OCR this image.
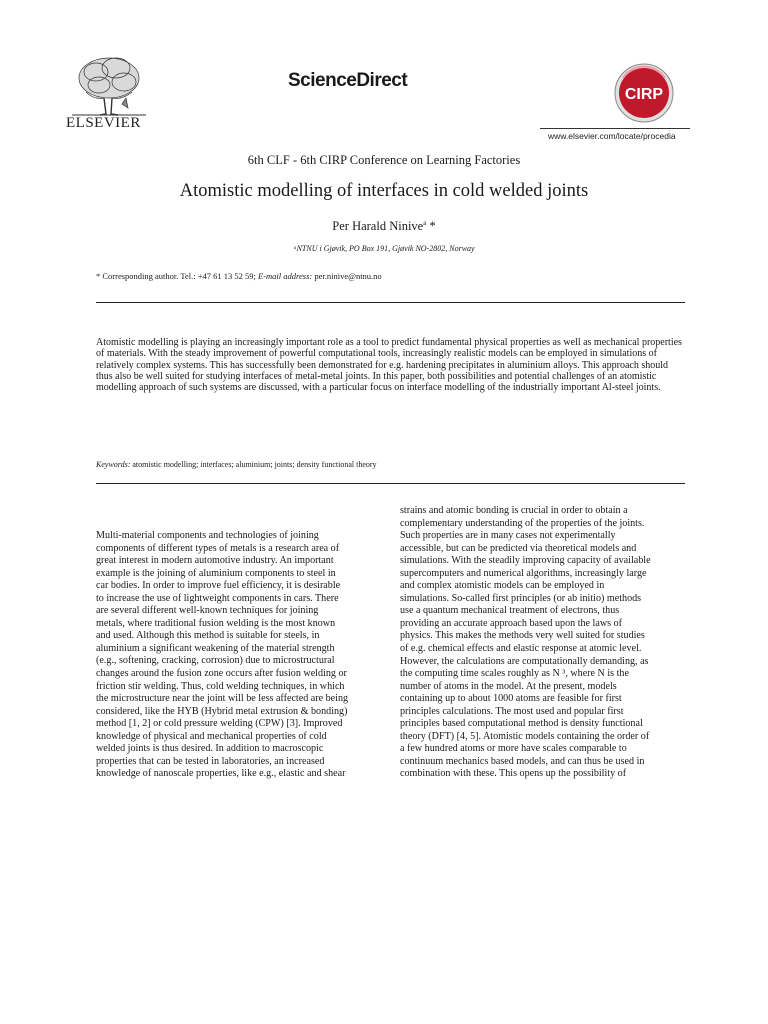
ELSEVIER
ScienceDirect
CIRP
www.elsevier.com/locate/procedia
6th CLF - 6th CIRP Conference on Learning Factories
Atomistic modelling of interfaces in cold welded joints
Per Harald Ninive$^a$ *
ᵃNTNU i Gjøvik, PO Box 191, Gjøvik NO-2802, Norway
* Corresponding author. Tel.: +47 61 13 52 59; E-mail address: per.ninive@ntnu.no
Atomistic modelling is playing an increasingly important role as a tool to predict fundamental physical properties as well as mechanical properties of materials. With the steady improvement of powerful computational tools, increasingly realistic models can be employed in simulations of relatively complex systems. This has successfully been demonstrated for e.g. hardening precipitates in aluminium alloys. This approach should thus also be well suited for studying interfaces of metal-metal joints. In this paper, both possibilities and potential challenges of an atomistic modelling approach of such systems are discussed, with a particular focus on interface modelling of the industrially important Al-steel joints.
Keywords: atomistic modelling; interfaces; aluminium; joints; density functional theory
Multi-material components and technologies of joining
components of different types of metals is a research area of
great interest in modern automotive industry. An important
example is the joining of aluminium components to steel in
car bodies. In order to improve fuel efficiency, it is desirable
to increase the use of lightweight components in cars. There
are several different well-known techniques for joining
metals, where traditional fusion welding is the most known
and used. Although this method is suitable for steels, in
aluminium a significant weakening of the material strength
(e.g., softening, cracking, corrosion) due to microstructural
changes around the fusion zone occurs after fusion welding or
friction stir welding. Thus, cold welding techniques, in which
the microstructure near the joint will be less affected are being
considered, like the HYB (Hybrid metal extrusion & bonding)
method [1, 2] or cold pressure welding (CPW) [3]. Improved
knowledge of physical and mechanical properties of cold
welded joints is thus desired. In addition to macroscopic
properties that can be tested in laboratories, an increased
knowledge of nanoscale properties, like e.g., elastic and shear
strains and atomic bonding is crucial in order to obtain a
complementary understanding of the properties of the joints.
Such properties are in many cases not experimentally
accessible, but can be predicted via theoretical models and
simulations. With the steadily improving capacity of available
supercomputers and numerical algorithms, increasingly large
and complex atomistic models can be employed in
simulations. So-called first principles (or ab initio) methods
use a quantum mechanical treatment of electrons, thus
providing an accurate approach based upon the laws of
physics. This makes the methods very well suited for studies
of e.g. chemical effects and elastic response at atomic level.
However, the calculations are computationally demanding, as
the computing time scales roughly as N ³, where N is the
number of atoms in the model. At the present, models
containing up to about 1000 atoms are feasible for first
principles calculations. The most used and popular first
principles based computational method is density functional
theory (DFT) [4, 5]. Atomistic models containing the order of
a few hundred atoms or more have scales comparable to
continuum mechanics based models, and can thus be used in
combination with these. This opens up the possibility of
